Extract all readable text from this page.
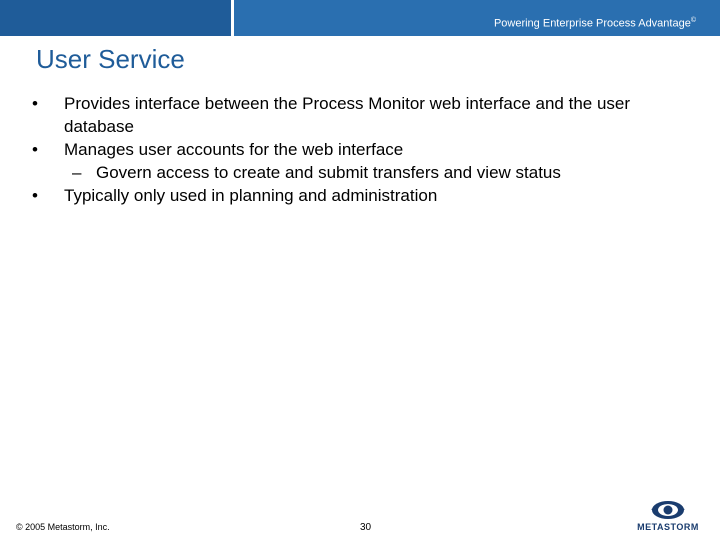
Powering Enterprise Process Advantage©
User Service
• Provides interface between the Process Monitor web interface and the user database
• Manages user accounts for the web interface
– Govern access to create and submit transfers and view status
• Typically only used in planning and administration
© 2005 Metastorm, Inc.	30	METASTORM
